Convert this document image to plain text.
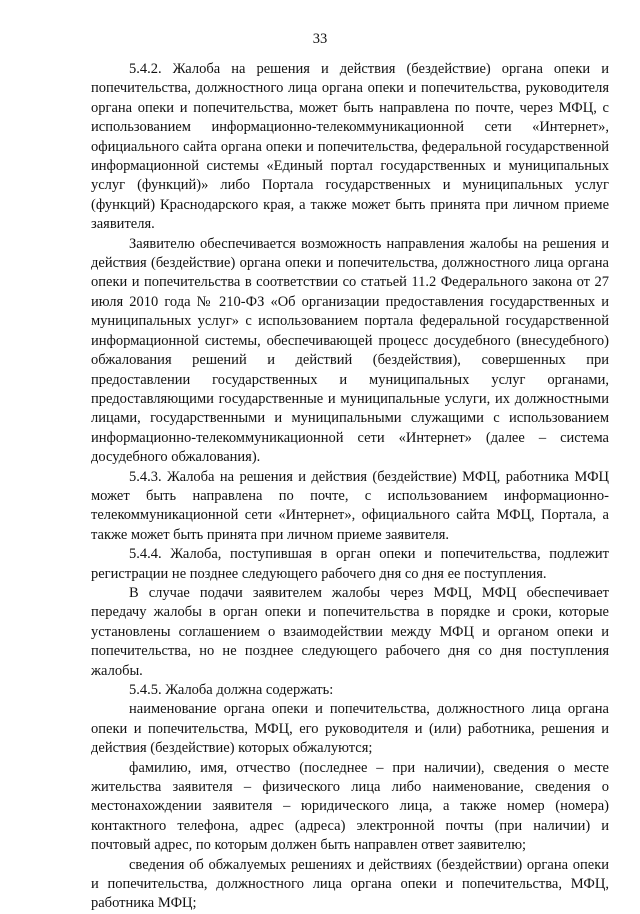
33

5.4.2. Жалоба на решения и действия (бездействие) органа опеки и попечительства, должностного лица органа опеки и попечительства, руководителя органа опеки и попечительства, может быть направлена по почте, через МФЦ, с использованием информационно-телекоммуникационной сети «Интернет», официального сайта органа опеки и попечительства, федеральной государственной информационной системы «Единый портал государственных и муниципальных услуг (функций)» либо Портала государственных и муниципальных услуг (функций) Краснодарского края, а также может быть принята при личном приеме заявителя.

Заявителю обеспечивается возможность направления жалобы на решения и действия (бездействие) органа опеки и попечительства, должностного лица органа опеки и попечительства в соответствии со статьей 11.2 Федерального закона от 27 июля 2010 года № 210-ФЗ «Об организации предоставления государственных и муниципальных услуг» с использованием портала федеральной государственной информационной системы, обеспечивающей процесс досудебного (внесудебного) обжалования решений и действий (бездействия), совершенных при предоставлении государственных и муниципальных услуг органами, предоставляющими государственные и муниципальные услуги, их должностными лицами, государственными и муниципальными служащими с использованием информационно-телекоммуникационной сети «Интернет» (далее – система досудебного обжалования).

5.4.3. Жалоба на решения и действия (бездействие) МФЦ, работника МФЦ может быть направлена по почте, с использованием информационно-телекоммуникационной сети «Интернет», официального сайта МФЦ, Портала, а также может быть принята при личном приеме заявителя.

5.4.4. Жалоба, поступившая в орган опеки и попечительства, подлежит регистрации не позднее следующего рабочего дня со дня ее поступления.

В случае подачи заявителем жалобы через МФЦ, МФЦ обеспечивает передачу жалобы в орган опеки и попечительства в порядке и сроки, которые установлены соглашением о взаимодействии между МФЦ и органом опеки и попечительства, но не позднее следующего рабочего дня со дня поступления жалобы.

5.4.5. Жалоба должна содержать:

наименование органа опеки и попечительства, должностного лица органа опеки и попечительства, МФЦ, его руководителя и (или) работника, решения и действия (бездействие) которых обжалуются;

фамилию, имя, отчество (последнее – при наличии), сведения о месте жительства заявителя – физического лица либо наименование, сведения о местонахождении заявителя – юридического лица, а также номер (номера) контактного телефона, адрес (адреса) электронной почты (при наличии) и почтовый адрес, по которым должен быть направлен ответ заявителю;

сведения об обжалуемых решениях и действиях (бездействии) органа опеки и попечительства, должностного лица органа опеки и попечительства, МФЦ, работника МФЦ;
